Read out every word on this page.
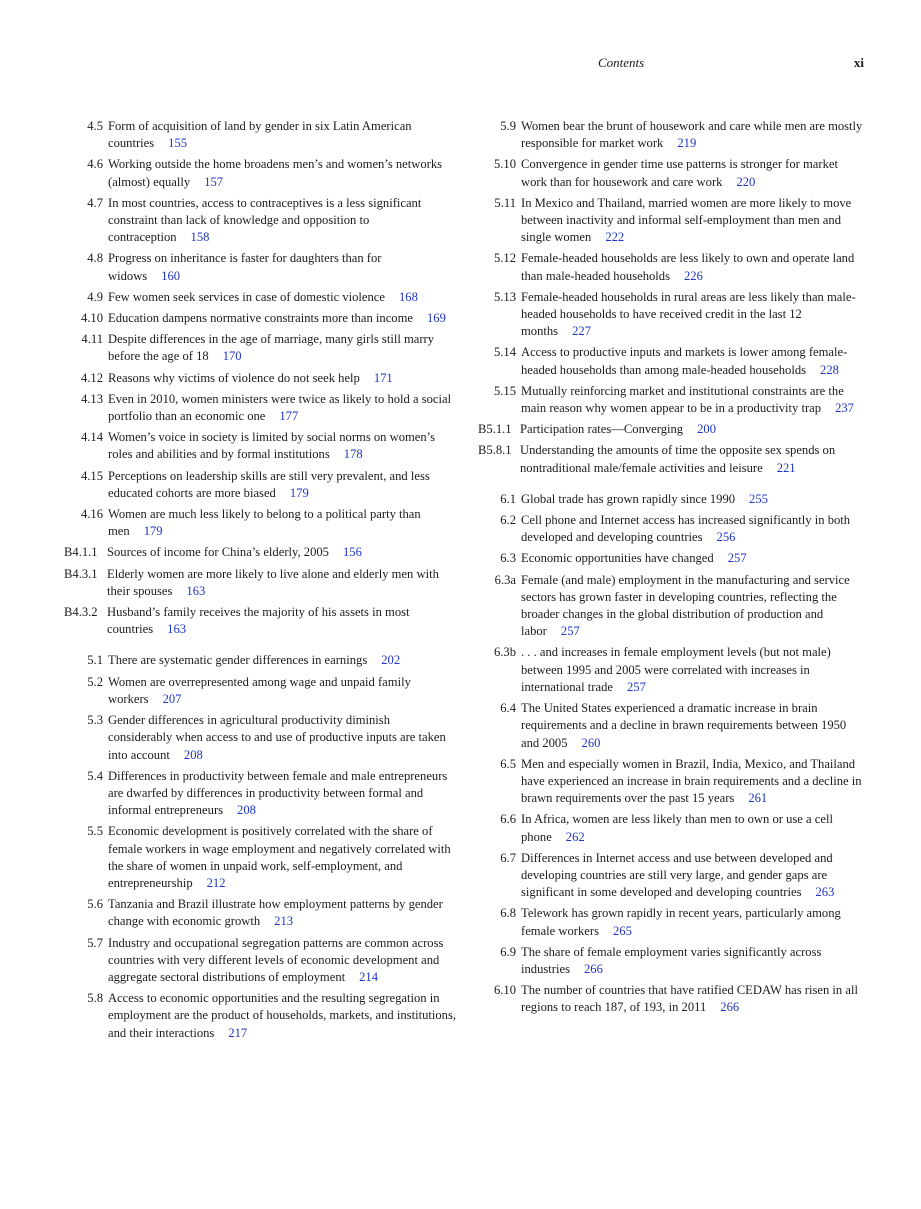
Contents	xi
4.5 Form of acquisition of land by gender in six Latin American countries 155
4.6 Working outside the home broadens men’s and women’s networks (almost) equally 157
4.7 In most countries, access to contraceptives is a less significant constraint than lack of knowledge and opposition to contraception 158
4.8 Progress on inheritance is faster for daughters than for widows 160
4.9 Few women seek services in case of domestic violence 168
4.10 Education dampens normative constraints more than income 169
4.11 Despite differences in the age of marriage, many girls still marry before the age of 18 170
4.12 Reasons why victims of violence do not seek help 171
4.13 Even in 2010, women ministers were twice as likely to hold a social portfolio than an economic one 177
4.14 Women’s voice in society is limited by social norms on women’s roles and abilities and by formal institutions 178
4.15 Perceptions on leadership skills are still very prevalent, and less educated cohorts are more biased 179
4.16 Women are much less likely to belong to a political party than men 179
B4.1.1 Sources of income for China’s elderly, 2005 156
B4.3.1 Elderly women are more likely to live alone and elderly men with their spouses 163
B4.3.2 Husband’s family receives the majority of his assets in most countries 163
5.1 There are systematic gender differences in earnings 202
5.2 Women are overrepresented among wage and unpaid family workers 207
5.3 Gender differences in agricultural productivity diminish considerably when access to and use of productive inputs are taken into account 208
5.4 Differences in productivity between female and male entrepreneurs are dwarfed by differences in productivity between formal and informal entrepreneurs 208
5.5 Economic development is positively correlated with the share of female workers in wage employment and negatively correlated with the share of women in unpaid work, self-employment, and entrepreneurship 212
5.6 Tanzania and Brazil illustrate how employment patterns by gender change with economic growth 213
5.7 Industry and occupational segregation patterns are common across countries with very different levels of economic development and aggregate sectoral distributions of employment 214
5.8 Access to economic opportunities and the resulting segregation in employment are the product of households, markets, and institutions, and their interactions 217
5.9 Women bear the brunt of housework and care while men are mostly responsible for market work 219
5.10 Convergence in gender time use patterns is stronger for market work than for housework and care work 220
5.11 In Mexico and Thailand, married women are more likely to move between inactivity and informal self-employment than men and single women 222
5.12 Female-headed households are less likely to own and operate land than male-headed households 226
5.13 Female-headed households in rural areas are less likely than male-headed households to have received credit in the last 12 months 227
5.14 Access to productive inputs and markets is lower among female-headed households than among male-headed households 228
5.15 Mutually reinforcing market and institutional constraints are the main reason why women appear to be in a productivity trap 237
B5.1.1 Participation rates—Converging 200
B5.8.1 Understanding the amounts of time the opposite sex spends on nontraditional male/female activities and leisure 221
6.1 Global trade has grown rapidly since 1990 255
6.2 Cell phone and Internet access has increased significantly in both developed and developing countries 256
6.3 Economic opportunities have changed 257
6.3a Female (and male) employment in the manufacturing and service sectors has grown faster in developing countries, reflecting the broader changes in the global distribution of production and labor 257
6.3b . . . and increases in female employment levels (but not male) between 1995 and 2005 were correlated with increases in international trade 257
6.4 The United States experienced a dramatic increase in brain requirements and a decline in brawn requirements between 1950 and 2005 260
6.5 Men and especially women in Brazil, India, Mexico, and Thailand have experienced an increase in brain requirements and a decline in brawn requirements over the past 15 years 261
6.6 In Africa, women are less likely than men to own or use a cell phone 262
6.7 Differences in Internet access and use between developed and developing countries are still very large, and gender gaps are significant in some developed and developing countries 263
6.8 Telework has grown rapidly in recent years, particularly among female workers 265
6.9 The share of female employment varies significantly across industries 266
6.10 The number of countries that have ratified CEDAW has risen in all regions to reach 187, of 193, in 2011 266
